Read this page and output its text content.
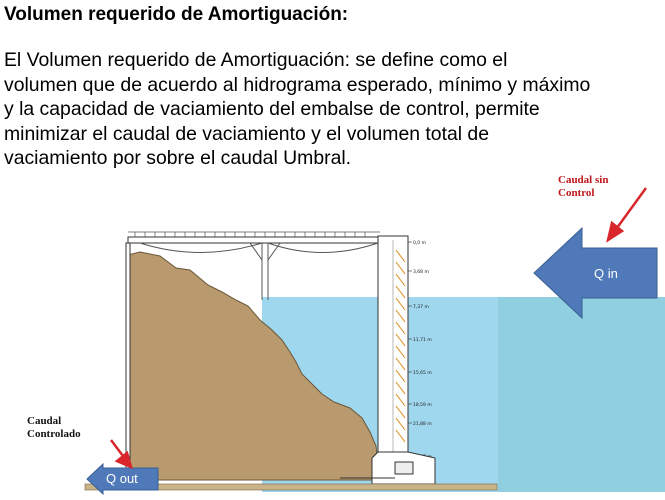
Volumen requerido de Amortiguación:
El Volumen requerido de Amortiguación: se define como el
volumen que de acuerdo al hidrograma esperado, mínimo y máximo
y la capacidad de vaciamiento del embalse de control, permite
minimizar el caudal de vaciamiento y el volumen total de
vaciamiento por sobre el caudal Umbral.
0,0 m
3,68 m
7,37 m
11,71 m
15,65 m
18,59 m
21,88 m
Caudal sin
Control
Caudal
Controlado
Q in
Q out
